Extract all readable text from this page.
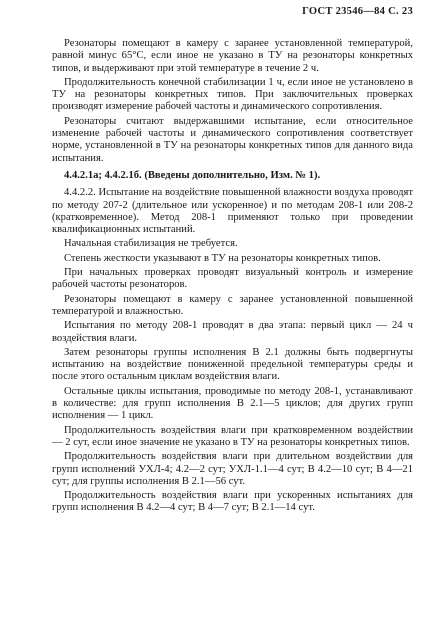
ГОСТ 23546—84 С. 23

Резонаторы помещают в камеру с заранее установленной температурой, равной минус 65°С, если иное не указано в ТУ на резонаторы конкретных типов, и выдерживают при этой температуре в течение 2 ч.

Продолжительность конечной стабилизации 1 ч, если иное не установлено в ТУ на резонаторы конкретных типов. При заключительных проверках производят измерение рабочей частоты и динамического сопротивления.

Резонаторы считают выдержавшими испытание, если относительное изменение рабочей частоты и динамического сопротивления соответствует норме, установленной в ТУ на резонаторы конкретных типов для данного вида испытания.

4.4.2.1а; 4.4.2.1б. (Введены дополнительно, Изм. № 1).

4.4.2.2. Испытание на воздействие повышенной влажности воздуха проводят по методу 207-2 (длительное или ускоренное) и по методам 208-1 или 208-2 (кратковременное). Метод 208-1 применяют только при проведении квалификационных испытаний.

Начальная стабилизация не требуется.

Степень жесткости указывают в ТУ на резонаторы конкретных типов.

При начальных проверках проводят визуальный контроль и измерение рабочей частоты резонаторов.

Резонаторы помещают в камеру с заранее установленной повышенной температурой и влажностью.

Испытания по методу 208-1 проводят в два этапа: первый цикл — 24 ч воздействия влаги.

Затем резонаторы группы исполнения В 2.1 должны быть подвергнуты испытанию на воздействие пониженной предельной температуры среды и после этого остальным циклам воздействия влаги.

Остальные циклы испытания, проводимые по методу 208-1, устанавливают в количестве: для групп исполнения В 2.1—5 циклов; для других групп исполнения — 1 цикл.

Продолжительность воздействия влаги при кратковременном воздействии — 2 сут, если иное значение не указано в ТУ на резонаторы конкретных типов.

Продолжительность воздействия влаги при длительном воздействии для групп исполнений УХЛ-4; 4.2—2 сут; УХЛ-1.1—4 сут; В 4.2—10 сут; В 4—21 сут; для группы исполнения В 2.1—56 сут.

Продолжительность воздействия влаги при ускоренных испытаниях для групп исполнения В 4.2—4 сут; В 4—7 сут; В 2.1—14 сут.
